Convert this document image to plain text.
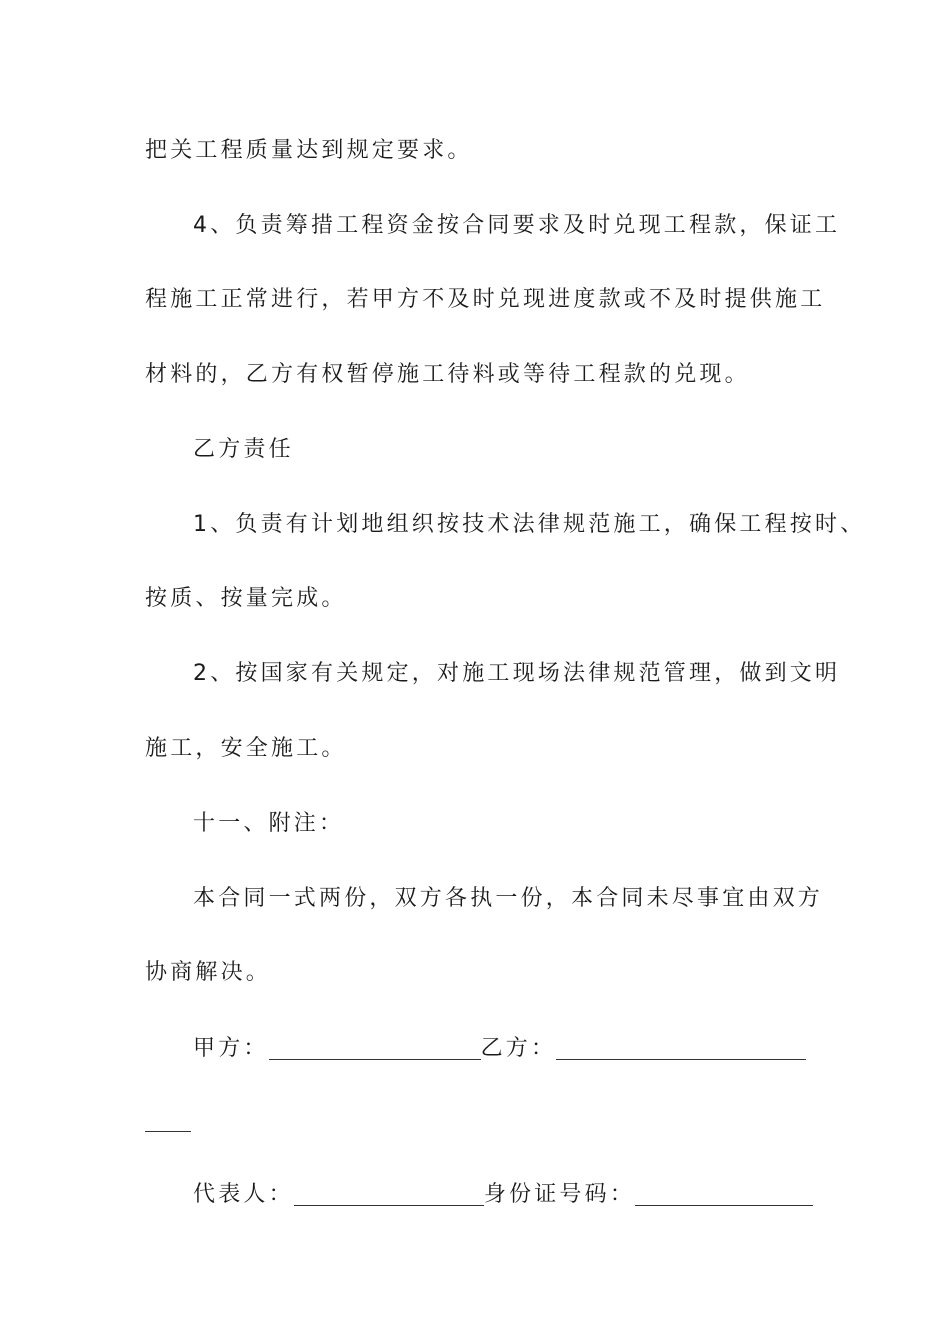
把关工程质量达到规定要求。
4、负责筹措工程资金按合同要求及时兑现工程款，保证工
程施工正常进行，若甲方不及时兑现进度款或不及时提供施工
材料的，乙方有权暂停施工待料或等待工程款的兑现。
乙方责任
1、负责有计划地组织按技术法律规范施工，确保工程按时、
按质、按量完成。
2、按国家有关规定，对施工现场法律规范管理，做到文明
施工，安全施工。
十一、附注：
本合同一式两份，双方各执一份，本合同未尽事宜由双方
协商解决。
甲方：	乙方：
代表人：	身份证号码：
